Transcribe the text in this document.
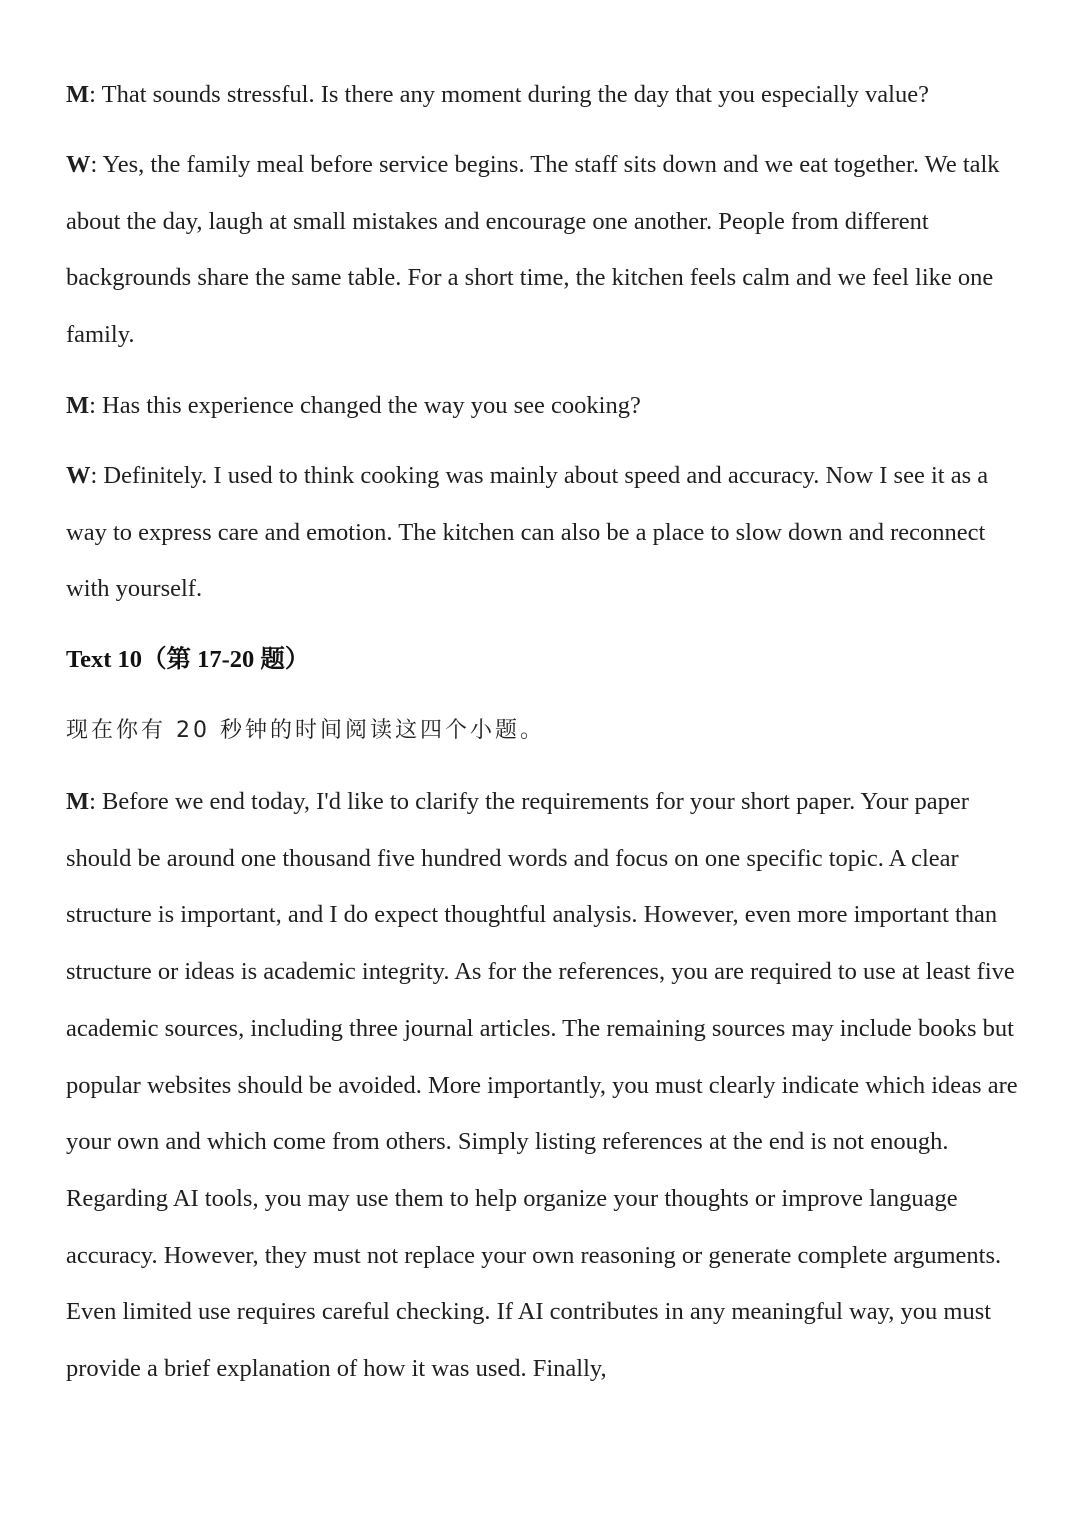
M: That sounds stressful. Is there any moment during the day that you especially value?

W: Yes, the family meal before service begins. The staff sits down and we eat together. We talk about the day, laugh at small mistakes and encourage one another. People from different backgrounds share the same table. For a short time, the kitchen feels calm and we feel like one family.

M: Has this experience changed the way you see cooking?

W: Definitely. I used to think cooking was mainly about speed and accuracy. Now I see it as a way to express care and emotion. The kitchen can also be a place to slow down and reconnect with yourself.

Text 10（第 17-20 题）

现在你有 20 秒钟的时间阅读这四个小题。

M: Before we end today, I'd like to clarify the requirements for your short paper. Your paper should be around one thousand five hundred words and focus on one specific topic. A clear structure is important, and I do expect thoughtful analysis. However, even more important than structure or ideas is academic integrity. As for the references, you are required to use at least five academic sources, including three journal articles. The remaining sources may include books but popular websites should be avoided. More importantly, you must clearly indicate which ideas are your own and which come from others. Simply listing references at the end is not enough. Regarding AI tools, you may use them to help organize your thoughts or improve language accuracy. However, they must not replace your own reasoning or generate complete arguments. Even limited use requires careful checking. If AI contributes in any meaningful way, you must provide a brief explanation of how it was used. Finally,
